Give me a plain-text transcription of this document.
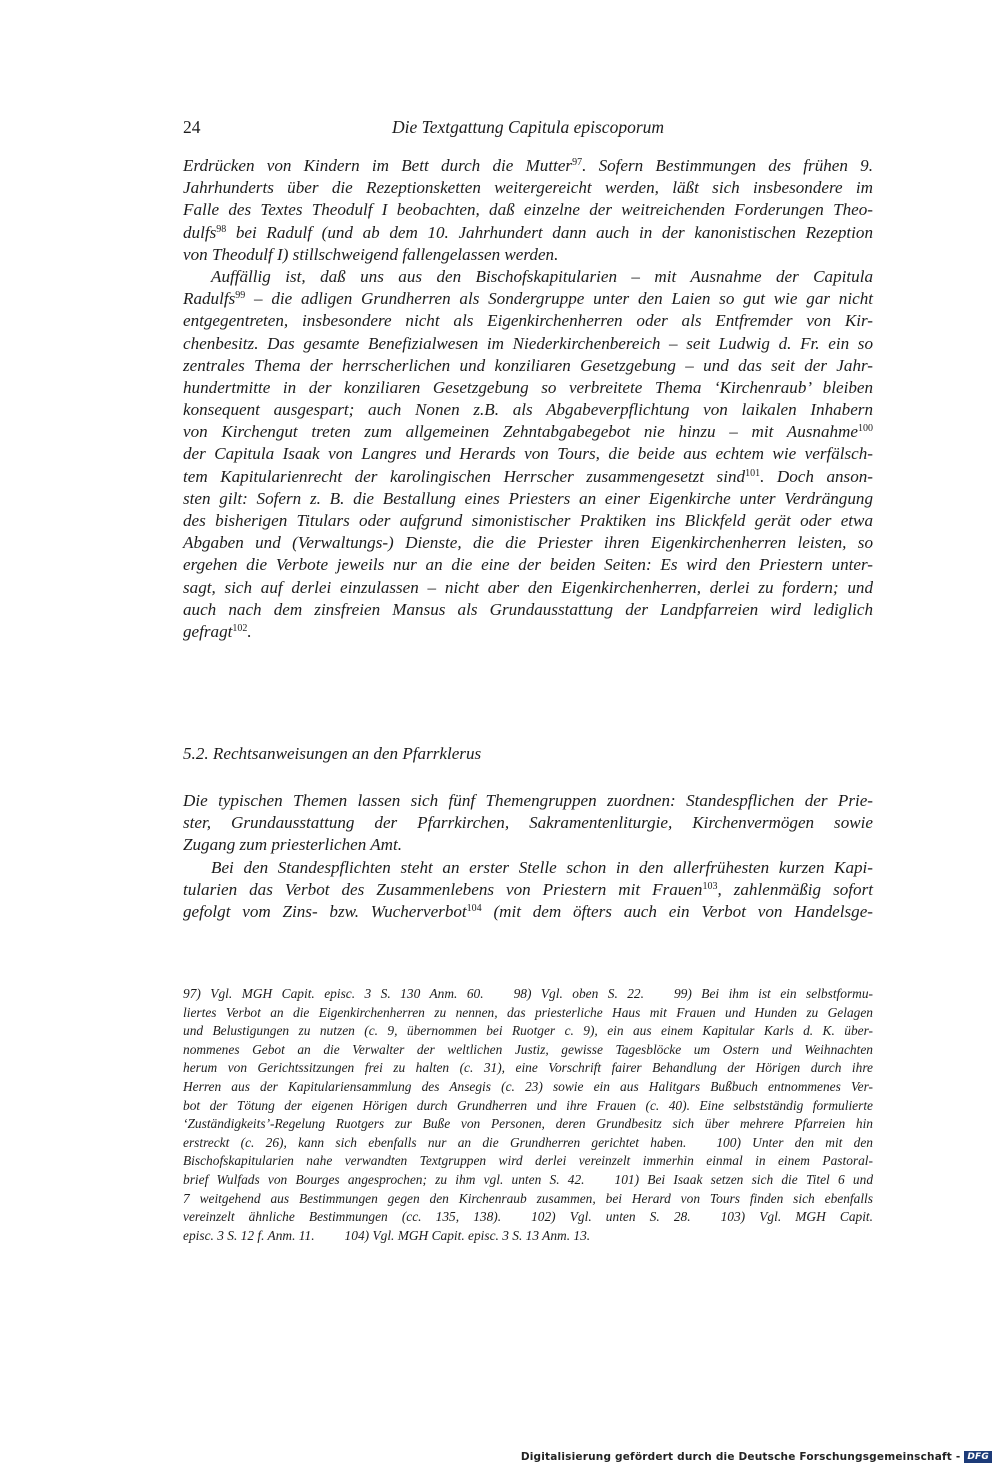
24	Die Textgattung Capitula episcoporum
Erdrücken von Kindern im Bett durch die Mutter$^{97}$. Sofern Bestimmungen des frühen 9.
Jahrhunderts über die Rezeptionsketten weitergereicht werden, läßt sich insbesondere im
Falle des Textes Theodulf I beobachten, daß einzelne der weitreichenden Forderungen Theo-
dulfs$^{98}$ bei Radulf (und ab dem 10. Jahrhundert dann auch in der kanonistischen Rezeption
von Theodulf I) stillschweigend fallengelassen werden.
Auffällig ist, daß uns aus den Bischofskapitularien – mit Ausnahme der Capitula
Radulfs$^{99}$ – die adligen Grundherren als Sondergruppe unter den Laien so gut wie gar nicht
entgegentreten, insbesondere nicht als Eigenkirchenherren oder als Entfremder von Kir-
chenbesitz. Das gesamte Benefizialwesen im Niederkirchenbereich – seit Ludwig d. Fr. ein so
zentrales Thema der herrscherlichen und konziliaren Gesetzgebung – und das seit der Jahr-
hundertmitte in der konziliaren Gesetzgebung so verbreitete Thema ‘Kirchenraub’ bleiben
konsequent ausgespart; auch Nonen z.B. als Abgabeverpflichtung von laikalen Inhabern
von Kirchengut treten zum allgemeinen Zehntabgabegebot nie hinzu – mit Ausnahme$^{100}$
der Capitula Isaak von Langres und Herards von Tours, die beide aus echtem wie verfälsch-
tem Kapitularienrecht der karolingischen Herrscher zusammengesetzt sind$^{101}$. Doch anson-
sten gilt: Sofern z. B. die Bestallung eines Priesters an einer Eigenkirche unter Verdrängung
des bisherigen Titulars oder aufgrund simonistischer Praktiken ins Blickfeld gerät oder etwa
Abgaben und (Verwaltungs-) Dienste, die die Priester ihren Eigenkirchenherren leisten, so
ergehen die Verbote jeweils nur an die eine der beiden Seiten: Es wird den Priestern unter-
sagt, sich auf derlei einzulassen – nicht aber den Eigenkirchenherren, derlei zu fordern; und
auch nach dem zinsfreien Mansus als Grundausstattung der Landpfarreien wird lediglich
gefragt$^{102}$.
5.2. Rechtsanweisungen an den Pfarrklerus
Die typischen Themen lassen sich fünf Themengruppen zuordnen: Standespflichen der Prie-
ster, Grundausstattung der Pfarrkirchen, Sakramentenliturgie, Kirchenvermögen sowie
Zugang zum priesterlichen Amt.
Bei den Standespflichten steht an erster Stelle schon in den allerfrühesten kurzen Kapi-
tularien das Verbot des Zusammenlebens von Priestern mit Frauen$^{103}$, zahlenmäßig sofort
gefolgt vom Zins- bzw. Wucherverbot$^{104}$ (mit dem öfters auch ein Verbot von Handelsge-
97) Vgl. MGH Capit. episc. 3 S. 130 Anm. 60. 98) Vgl. oben S. 22. 99) Bei ihm ist ein selbstformu-
liertes Verbot an die Eigenkirchenherren zu nennen, das priesterliche Haus mit Frauen und Hunden zu Gelagen
und Belustigungen zu nutzen (c. 9, übernommen bei Ruotger c. 9), ein aus einem Kapitular Karls d. K. über-
nommenes Gebot an die Verwalter der weltlichen Justiz, gewisse Tagesblöcke um Ostern und Weihnachten
herum von Gerichtssitzungen frei zu halten (c. 31), eine Vorschrift fairer Behandlung der Hörigen durch ihre
Herren aus der Kapitulariensammlung des Ansegis (c. 23) sowie ein aus Halitgars Bußbuch entnommenes Ver-
bot der Tötung der eigenen Hörigen durch Grundherren und ihre Frauen (c. 40). Eine selbstständig formulierte
‘Zuständigkeits’-Regelung Ruotgers zur Buße von Personen, deren Grundbesitz sich über mehrere Pfarreien hin
erstreckt (c. 26), kann sich ebenfalls nur an die Grundherren gerichtet haben. 100) Unter den mit den
Bischofskapitularien nahe verwandten Textgruppen wird derlei vereinzelt immerhin einmal in einem Pastoral-
brief Wulfads von Bourges angesprochen; zu ihm vgl. unten S. 42. 101) Bei Isaak setzen sich die Titel 6 und
7 weitgehend aus Bestimmungen gegen den Kirchenraub zusammen, bei Herard von Tours finden sich ebenfalls
vereinzelt ähnliche Bestimmungen (cc. 135, 138). 102) Vgl. unten S. 28. 103) Vgl. MGH Capit.
episc. 3 S. 12 f. Anm. 11. 104) Vgl. MGH Capit. episc. 3 S. 13 Anm. 13.
Digitalisierung gefördert durch die Deutsche Forschungsgemeinschaft - DFG
